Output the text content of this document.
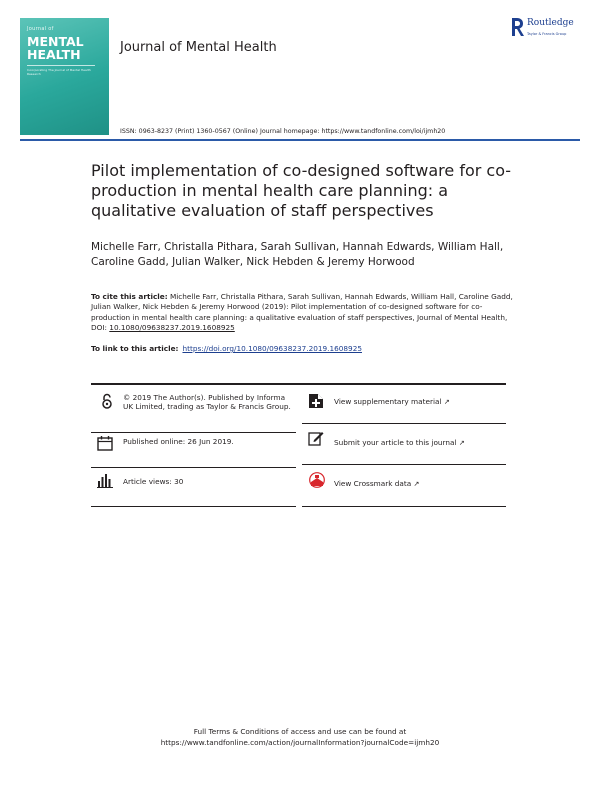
Journal of
MENTAL
HEALTH
Incorporating The Journal of Mental Health Research
Journal of Mental Health
Routledge
Taylor & Francis Group
ISSN: 0963-8237 (Print) 1360-0567 (Online) Journal homepage: https://www.tandfonline.com/loi/ijmh20
Pilot implementation of co-designed software for co-production in mental health care planning: a qualitative evaluation of staff perspectives
Michelle Farr, Christalla Pithara, Sarah Sullivan, Hannah Edwards, William Hall, Caroline Gadd, Julian Walker, Nick Hebden & Jeremy Horwood
To cite this article: Michelle Farr, Christalla Pithara, Sarah Sullivan, Hannah Edwards, William Hall, Caroline Gadd, Julian Walker, Nick Hebden & Jeremy Horwood (2019): Pilot implementation of co-designed software for co-production in mental health care planning: a qualitative evaluation of staff perspectives, Journal of Mental Health, DOI: 10.1080/09638237.2019.1608925
To link to this article: https://doi.org/10.1080/09638237.2019.1608925
© 2019 The Author(s). Published by Informa UK Limited, trading as Taylor & Francis Group.
Published online: 26 Jun 2019.
Article views: 30
View supplementary material ↗
Submit your article to this journal ↗
View Crossmark data ↗
Full Terms & Conditions of access and use can be found at
https://www.tandfonline.com/action/journalInformation?journalCode=ijmh20
